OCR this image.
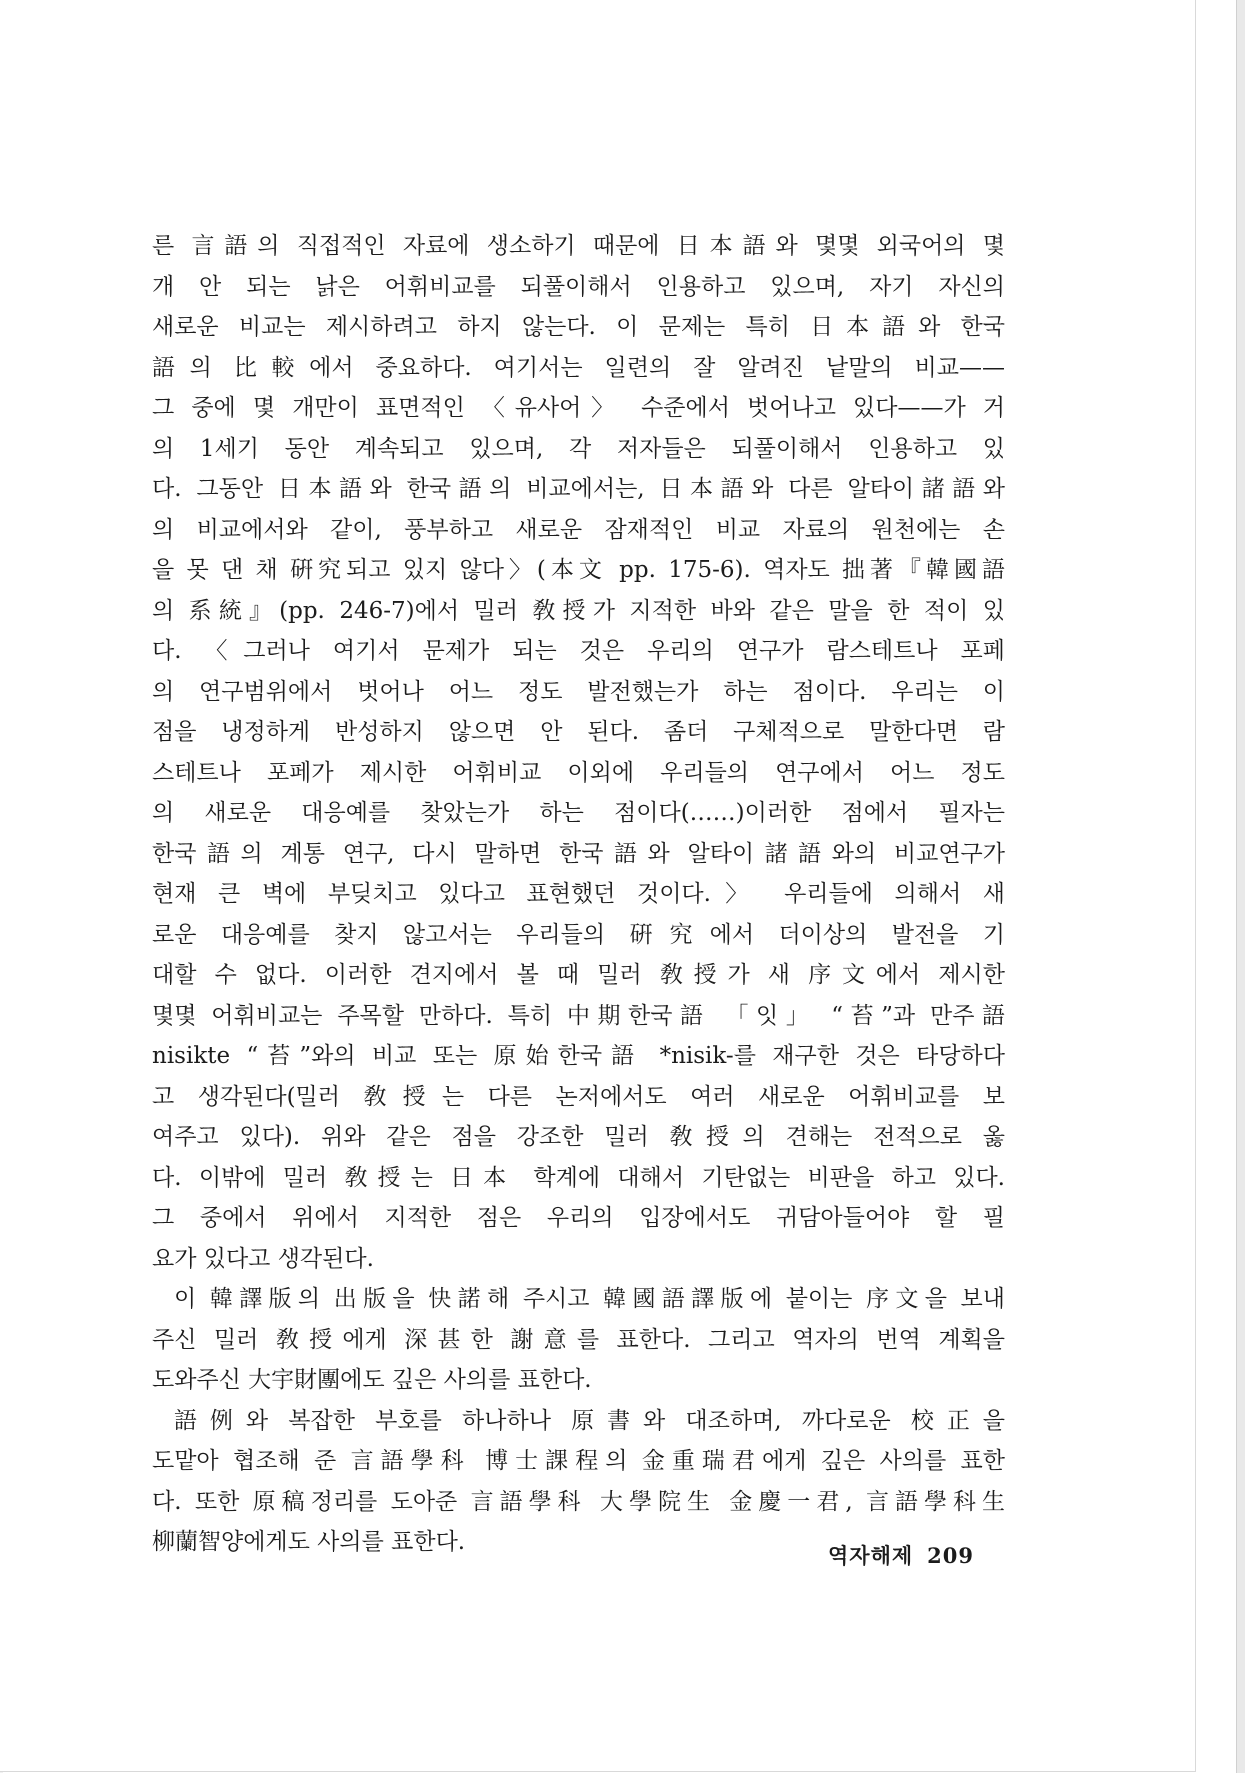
른 言語의 직접적인 자료에 생소하기 때문에 日本語와 몇몇 외국어의 몇
개 안 되는 낡은 어휘비교를 되풀이해서 인용하고 있으며, 자기 자신의
새로운 비교는 제시하려고 하지 않는다. 이 문제는 특히 日本語와 한국
語의 比較에서 중요하다. 여기서는 일련의 잘 알려진 낱말의 비교——
그 중에 몇 개만이 표면적인 〈유사어〉 수준에서 벗어나고 있다——가 거
의 1세기 동안 계속되고 있으며, 각 저자들은 되풀이해서 인용하고 있
다. 그동안 日本語와 한국語의 비교에서는, 日本語와 다른 알타이諸語와
의 비교에서와 같이, 풍부하고 새로운 잠재적인 비교 자료의 원천에는 손
을 못 댄 채 硏究되고 있지 않다〉(本文 pp. 175-6). 역자도 拙著『韓國語
의 系統』(pp. 246-7)에서 밀러 敎授가 지적한 바와 같은 말을 한 적이 있
다. 〈그러나 여기서 문제가 되는 것은 우리의 연구가 람스테트나 포페
의 연구범위에서 벗어나 어느 정도 발전했는가 하는 점이다. 우리는 이
점을 냉정하게 반성하지 않으면 안 된다. 좀더 구체적으로 말한다면 람
스테트나 포페가 제시한 어휘비교 이외에 우리들의 연구에서 어느 정도
의 새로운 대응예를 찾았는가 하는 점이다(……)이러한 점에서 필자는
한국語의 계통 연구, 다시 말하면 한국語와 알타이諸語와의 비교연구가
현재 큰 벽에 부딪치고 있다고 표현했던 것이다.〉 우리들에 의해서 새
로운 대응예를 찾지 않고서는 우리들의 硏究에서 더이상의 발전을 기
대할 수 없다. 이러한 견지에서 볼 때 밀러 敎授가 새 序文에서 제시한
몇몇 어휘비교는 주목할 만하다. 특히 中期한국語 「잇」 “苔”과 만주語
nisikte “苔”와의 비교 또는 原始한국語 *nisik-를 재구한 것은 타당하다
고 생각된다(밀러 敎授는 다른 논저에서도 여러 새로운 어휘비교를 보
여주고 있다). 위와 같은 점을 강조한 밀러 敎授의 견해는 전적으로 옳
다. 이밖에 밀러 敎授는 日本 학계에 대해서 기탄없는 비판을 하고 있다.
그 중에서 위에서 지적한 점은 우리의 입장에서도 귀담아들어야 할 필
요가 있다고 생각된다.
이 韓譯版의 出版을 快諾해 주시고 韓國語譯版에 붙이는 序文을 보내
주신 밀러 敎授에게 深甚한 謝意를 표한다. 그리고 역자의 번역 계획을
도와주신 大宇財團에도 깊은 사의를 표한다.
語例와 복잡한 부호를 하나하나 原書와 대조하며, 까다로운 校正을
도맡아 협조해 준 言語學科 博士課程의 金重瑞君에게 깊은 사의를 표한
다. 또한 原稿정리를 도아준 言語學科 大學院生 金慶一君, 言語學科生
柳蘭智양에게도 사의를 표한다.
역자해제 209
